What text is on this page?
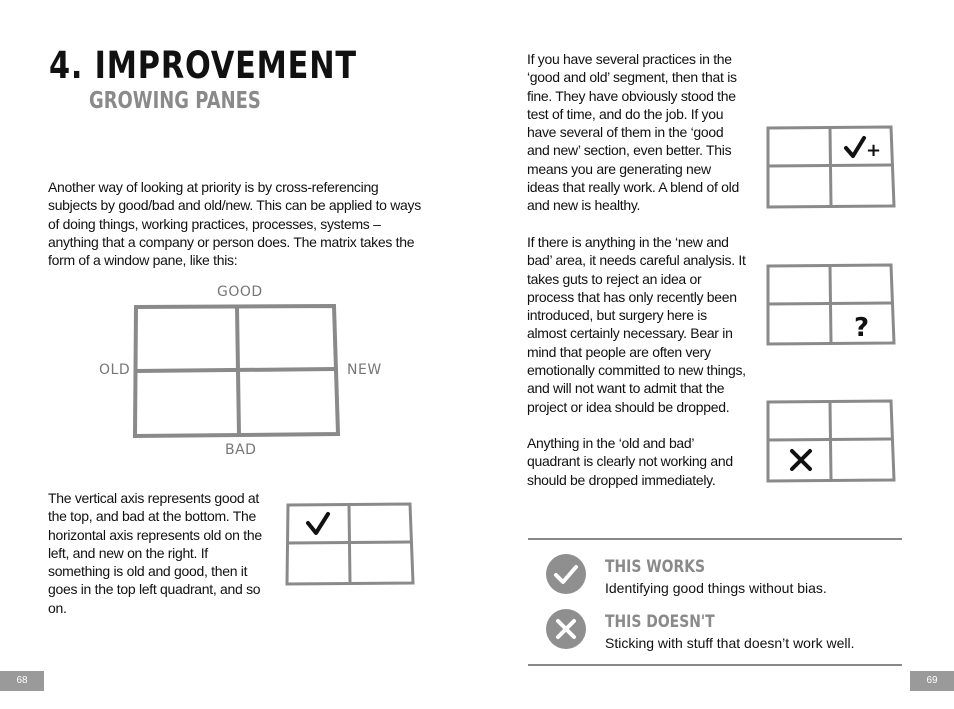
4. IMPROVEMENT
GROWING PANES

Another way of looking at priority is by cross-referencing subjects by good/bad and old/new. This can be applied to ways of doing things, working practices, processes, systems – anything that a company or person does. The matrix takes the form of a window pane, like this:

GOOD
OLD	NEW
BAD

The vertical axis represents good at the top, and bad at the bottom. The horizontal axis represents old on the left, and new on the right. If something is old and good, then it goes in the top left quadrant, and so on.

68

If you have several practices in the ‘good and old’ segment, then that is fine. They have obviously stood the test of time, and do the job. If you have several of them in the ‘good and new’ section, even better. This means you are generating new ideas that really work. A blend of old and new is healthy.

If there is anything in the ‘new and bad’ area, it needs careful analysis. It takes guts to reject an idea or process that has only recently been introduced, but surgery here is almost certainly necessary. Bear in mind that people are often very emotionally committed to new things, and will not want to admit that the project or idea should be dropped.

Anything in the ‘old and bad’ quadrant is clearly not working and should be dropped immediately.

+
?
THIS WORKS
Identifying good things without bias.
THIS DOESN'T
Sticking with stuff that doesn’t work well.
69
